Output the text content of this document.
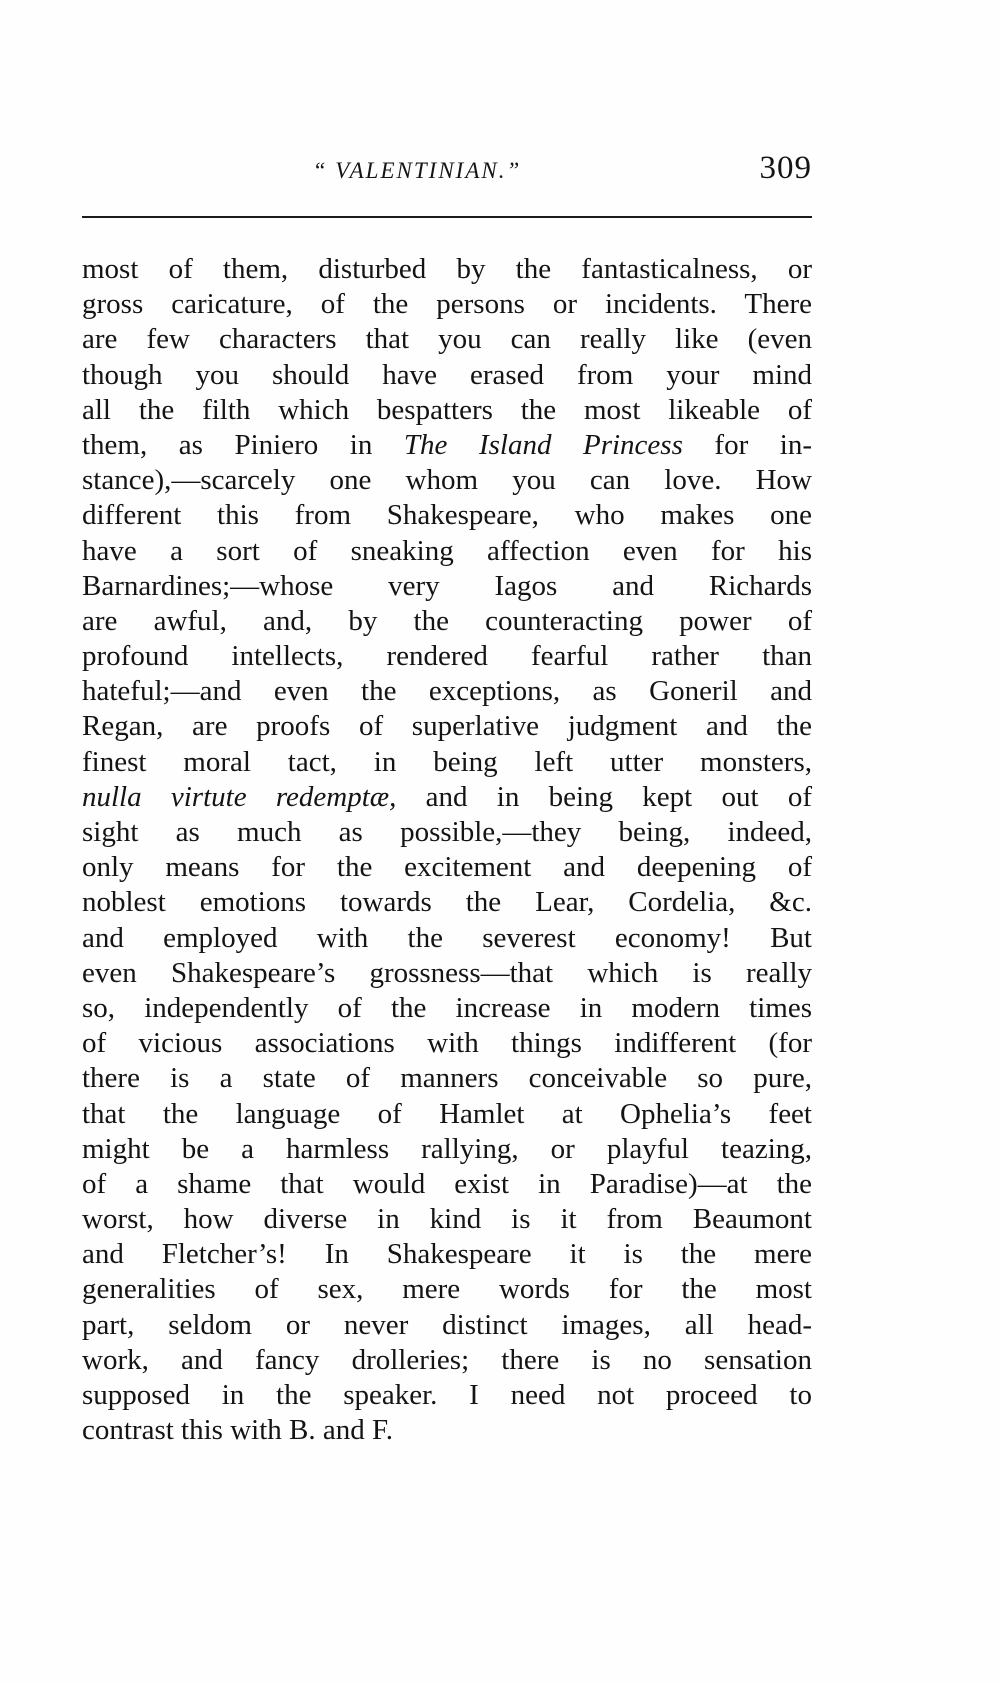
“ VALENTINIAN.”	309
most of them, disturbed by the fantasticalness, or
gross caricature, of the persons or incidents. There
are few characters that you can really like (even
though you should have erased from your mind
all the filth which bespatters the most likeable of
them, as Piniero in The Island Princess for in-
stance),—scarcely one whom you can love. How
different this from Shakespeare, who makes one
have a sort of sneaking affection even for his
Barnardines;—whose very Iagos and Richards
are awful, and, by the counteracting power of
profound intellects, rendered fearful rather than
hateful;—and even the exceptions, as Goneril and
Regan, are proofs of superlative judgment and the
finest moral tact, in being left utter monsters,
nulla virtute redemptæ, and in being kept out of
sight as much as possible,—they being, indeed,
only means for the excitement and deepening of
noblest emotions towards the Lear, Cordelia, &c.
and employed with the severest economy! But
even Shakespeare’s grossness—that which is really
so, independently of the increase in modern times
of vicious associations with things indifferent (for
there is a state of manners conceivable so pure,
that the language of Hamlet at Ophelia’s feet
might be a harmless rallying, or playful teazing,
of a shame that would exist in Paradise)—at the
worst, how diverse in kind is it from Beaumont
and Fletcher’s! In Shakespeare it is the mere
generalities of sex, mere words for the most
part, seldom or never distinct images, all head-
work, and fancy drolleries; there is no sensation
supposed in the speaker. I need not proceed to
contrast this with B. and F.
